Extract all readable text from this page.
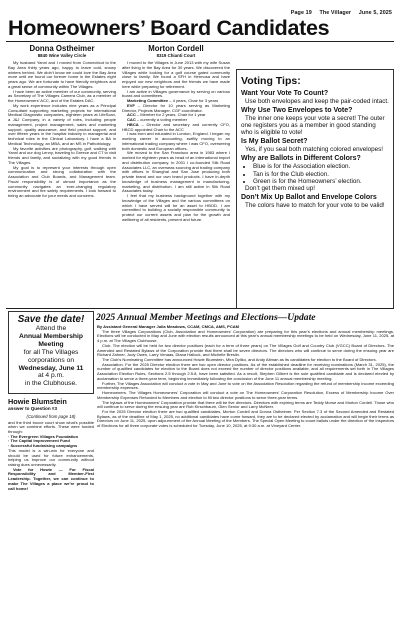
Page 19 The Villager June 5, 2025
Homeowners’ Board Candidates
Donna Ostheimer
8840 Wine Valley Circle

My husband Yanni and I moved from Connecticut to the Bay Area thirty years ago, happy to leave cold, snowy winters behind. We didn’t know we could love the Bay Area more until we found our forever home in the Estates eight years ago. We are fortunate to have friendly neighbors and a great sense of community within The Villages.

I have been an active member of our community, serving as Secretary of The Villages Camera Club, as a member of the Homeowners’ ACC, and of the Estates DAC.

My work experience includes nine years as a Principal Consultant supporting marketing projects for international Medical Diagnostic companies, eighteen years at LifeScan, a J&J Company, in a variety of roles, including people management, project management, sales and marketing support, quality assurance, and field product support, and over fifteen years in the hospital industry in managerial and technical roles in the Clinical Laboratory. I have a BA in Medical Technology, an MBA, and an MS in Pathobiology.

My favorite activities are photography, golf, walking with Yanni and our dog Lenny, traveling to Greece and CT to visit friends and family, and socializing with my good friends in The Villages.

My goal is to represent your interests through open communication and strong collaboration with the Association and Club Boards, and Management team. Fiscal responsibility is of utmost importance as the community navigates an ever-changing regulatory environment and fire safety requirements. I look forward to being an advocate for your needs and concerns.

Morton Cordell
8319 Chianti Court

I moved to the Villages in June 2013 with my wife Susan after living in the Bay Area for 30 years. We discovered the Villages while looking for a golf course gated community close to family. We found a SFH in Hermosa and have enjoyed our new neighbors and the friends we have made here while preparing for retirement.

I am active in Villages governance by serving on various board and committees.

Marketing Committee – 4 years, Chair for 3 years

EVF – Director for 10 years serving as Marketing Director, Projects Manager, CGF coordinator.

ACC – Member for 2 years, Chair for 1 year

CAC – currently a voting member

HBCA – Director and secretary and currently CFO, HBCD appointed Chair to the ACC

I was born and educated in London, England. I began my working career in accounting, swiftly moving to an international trading company where I was CFO, overseeing both domestic and European offices.

We moved to the San Francisco area in 1983 where I worked for eighteen years as head of an international import and distribution company. In 2001 I co-founded Silk Road Associates LLC, an overseas sourcing and trading company with offices in Shanghai and San Jose producing both private brand and our own brand products. I have in-depth knowledge of business management in manufacturing, marketing, and distribution. I am still active in Silk Road Associates today.

I feel that my business background together with my knowledge of the Villages and the various committees on which I have served will be an asset to HBOD. I am committed to building a socially responsible community to protect our current assets and plan for the growth and wellbeing of all residents, present and future.

Voting Tips:
Want Your Vote To Count?

Use both envelopes and keep the pair-coded intact.

Why Use Two Envelopes to Vote?

The inner one keeps your vote a secret! The outer one registers you as a member in good standing who is eligible to vote!

Is My Ballot Secret?

Yes, if you seal both matching colored envelopes!

Why are Ballots in Different Colors?
• Blue is for the Association election.
• Tan is for the Club election.
• Green is for the Homeowners’ election.

Don’t get them mixed up!

Don’t Mix Up Ballot and Envelope Colors

The colors have to match for your vote to be valid!

Save the date!
Attend the
Annual Membership Meeting
for all The Villages corporations on
Wednesday, June 11
at 4 p.m.
in the Clubhouse.
Howie Blumstein
answer to Question #3
(Continued from page 18)

and the third bocce court show what’s possible when we combine efforts. These were funded through:

· The Evergreen Villages Foundation
· The Capital Improvement Fund
· Successful fundraising campaigns

This model is a win-win for everyone and should be used for future enhancements, helping us improve our community without raising dues unnecessarily.

Vote for Howie — For Fiscal Responsibility and Member-First Leadership. Together, we can continue to make The Villages a place we’re proud to call home!

2025 Annual Member Meetings and Elections—Update

By Assistant General Manager Julia Meadows, CCAM, CMCA, AMS, PCAM

The three Villages Corporations (Club, Association and Homeowners’ Corporation) are preparing for this year’s elections and annual membership meetings. Elections will be conducted in May and June with election results announced at this year’s annual membership meetings to be held on Wednesday, June 11, 2025, at 4 p.m. at The Villages Clubhouse.

Club. The election will be held for two director positions (each for a term of three years) on The Villages Golf and Country Club (VGCC) Board of Directors. The Amended and Restated Bylaws of the Corporation provide that there shall be seven directors. The directors who will continue to serve during the ensuing year are Richard Zahner, Judy Owen, Larry Venaas, Diana Hallock, and Michelle Breslin.

The Club’s Nominating Committee has announced Howie Blumstein, Mira Dyliko, and Andy Altman as its candidates for election to the Board of Directors.

Association. For the 2025 Director election there are two open director positions. As of the established deadline for receiving nominations (March 31, 2025), the number of qualified candidates for election to the Board does not exceed the number of director positions available, and all requirements set forth in The Villages Association Election Rules, Sections 2.5 through 2.5.8, have been satisfied. As a result, Stephen Gilbert is the sole qualified candidate and is declared elected by acclamation to serve a three-year term, beginning immediately following the conclusion of the June 11 annual membership meeting.

Further, The Villages Association will conduct a vote in May and June to vote on the Association Resolution regarding the refund of membership income exceeding membership expenses.

Homeowners. The Villages Homeowners’ Corporation will conduct a vote on The Homeowners’ Corporation Resolution, Excess of Membership Income Over Membership Expenses Refunded to Members and election to fill two director positions to serve three-year terms.

The bylaws of the Homeowners’ Corporation provide that there will be five directors. Directors with expiring terms are Teddy Morse and Morton Cordell. Those who will continue to serve during the ensuing year are Rob Kirschbaum, Glen Senior and Larry McNeer.

For the 2025 Director election there are two qualified candidates, Morton Cordell and Donna Ostheimer. Per Section 7.3 of the Second Amended and Restated Bylaws, as of the deadline of May 1, 2025, no additional candidates have come forward, they are to be declared elected by acclamation and will begin their terms as Directors on June 11, 2025, upon adjournment of the Annual Meeting of the Members. The Special Open Meeting to count ballots under the direction of the Inspectors of Elections for all three corporate votes is scheduled for Tuesday, June 10, 2025, at 9:30 a.m. at Vineyard Center.
